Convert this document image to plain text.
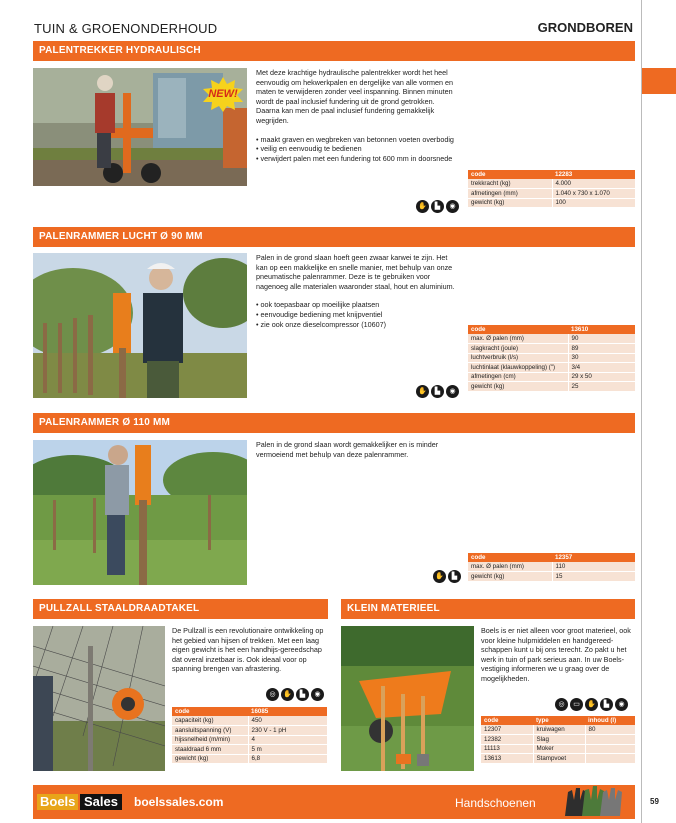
TUIN & GROENONDERHOUD	GRONDBOREN
PALENTREKKER HYDRAULISCH
NEW!
Met deze krachtige hydraulische palentrekker wordt het heel eenvoudig om hekwerkpalen en dergelijke van alle vormen en maten te verwijderen zonder veel inspanning. Binnen minuten wordt de paal inclusief fundering uit de grond getrokken. Daarna kan men de paal inclusief fundering gemakkelijk wegrijden.
• maakt graven en wegbreken van betonnen voeten overbodig
• veilig en eenvoudig te bedienen
• verwijdert palen met een fundering tot 600 mm in doorsnede
✋	▙	◉
code	12283
trekkracht (kg)	4.000
afmetingen (mm)	1.040 x 730 x 1.070
gewicht (kg)	100
PALENRAMMER LUCHT Ø 90 MM
Palen in de grond slaan hoeft geen zwaar karwei te zijn. Het kan op een makkelijke en snelle manier, met behulp van onze pneumatische palenrammer. Deze is te gebruiken voor nagenoeg alle materialen waaronder staal, hout en aluminium.
• ook toepasbaar op moeilijke plaatsen
• eenvoudige bediening met knijpventiel
• zie ook onze dieselcompressor (10607)
✋	▙	◉
code	13610
max. Ø palen (mm)	90
slagkracht (joule)	89
luchtverbruik (l/s)	30
luchtinlaat (klauwkoppeling) (")	3/4
afmetingen (cm)	29 x 50
gewicht (kg)	25
PALENRAMMER Ø 110 MM
Palen in de grond slaan wordt gemakkelijker en is minder vermoeiend met behulp van deze palenrammer.
✋	▙
code	12357
max. Ø palen (mm)	110
gewicht (kg)	15
PULLZALL STAALDRAADTAKEL
De Pullzall is een revolutionaire ontwikkeling op het gebied van hijsen of trekken. Met een laag eigen gewicht is het een handhijs-gereedschap dat overal inzetbaar is. Ook ideaal voor op spanning brengen van afrastering.
◎	✋	▙	◉
code	16085
capaciteit (kg)	450
aansluitspanning (V)	230 V - 1 pH
hijssnelheid (m/min)	4
staaldraad 6 mm	5 m
gewicht (kg)	6,8
KLEIN MATERIEEL
Boels is er niet alleen voor groot materieel, ook voor kleine hulpmiddelen en handgereed-schappen kunt u bij ons terecht. Zo pakt u het werk in tuin of park serieus aan. In uw Boels-vestiging informeren we u graag over de mogelijkheden.
◎	▭	✋	▙	◉
code	type	inhoud (l)
12307	kruiwagen	80
12382	Slag	
11113	Moker	
13613	Stampvoet	
Boels Sales	boelssales.com	Handschoenen	59
